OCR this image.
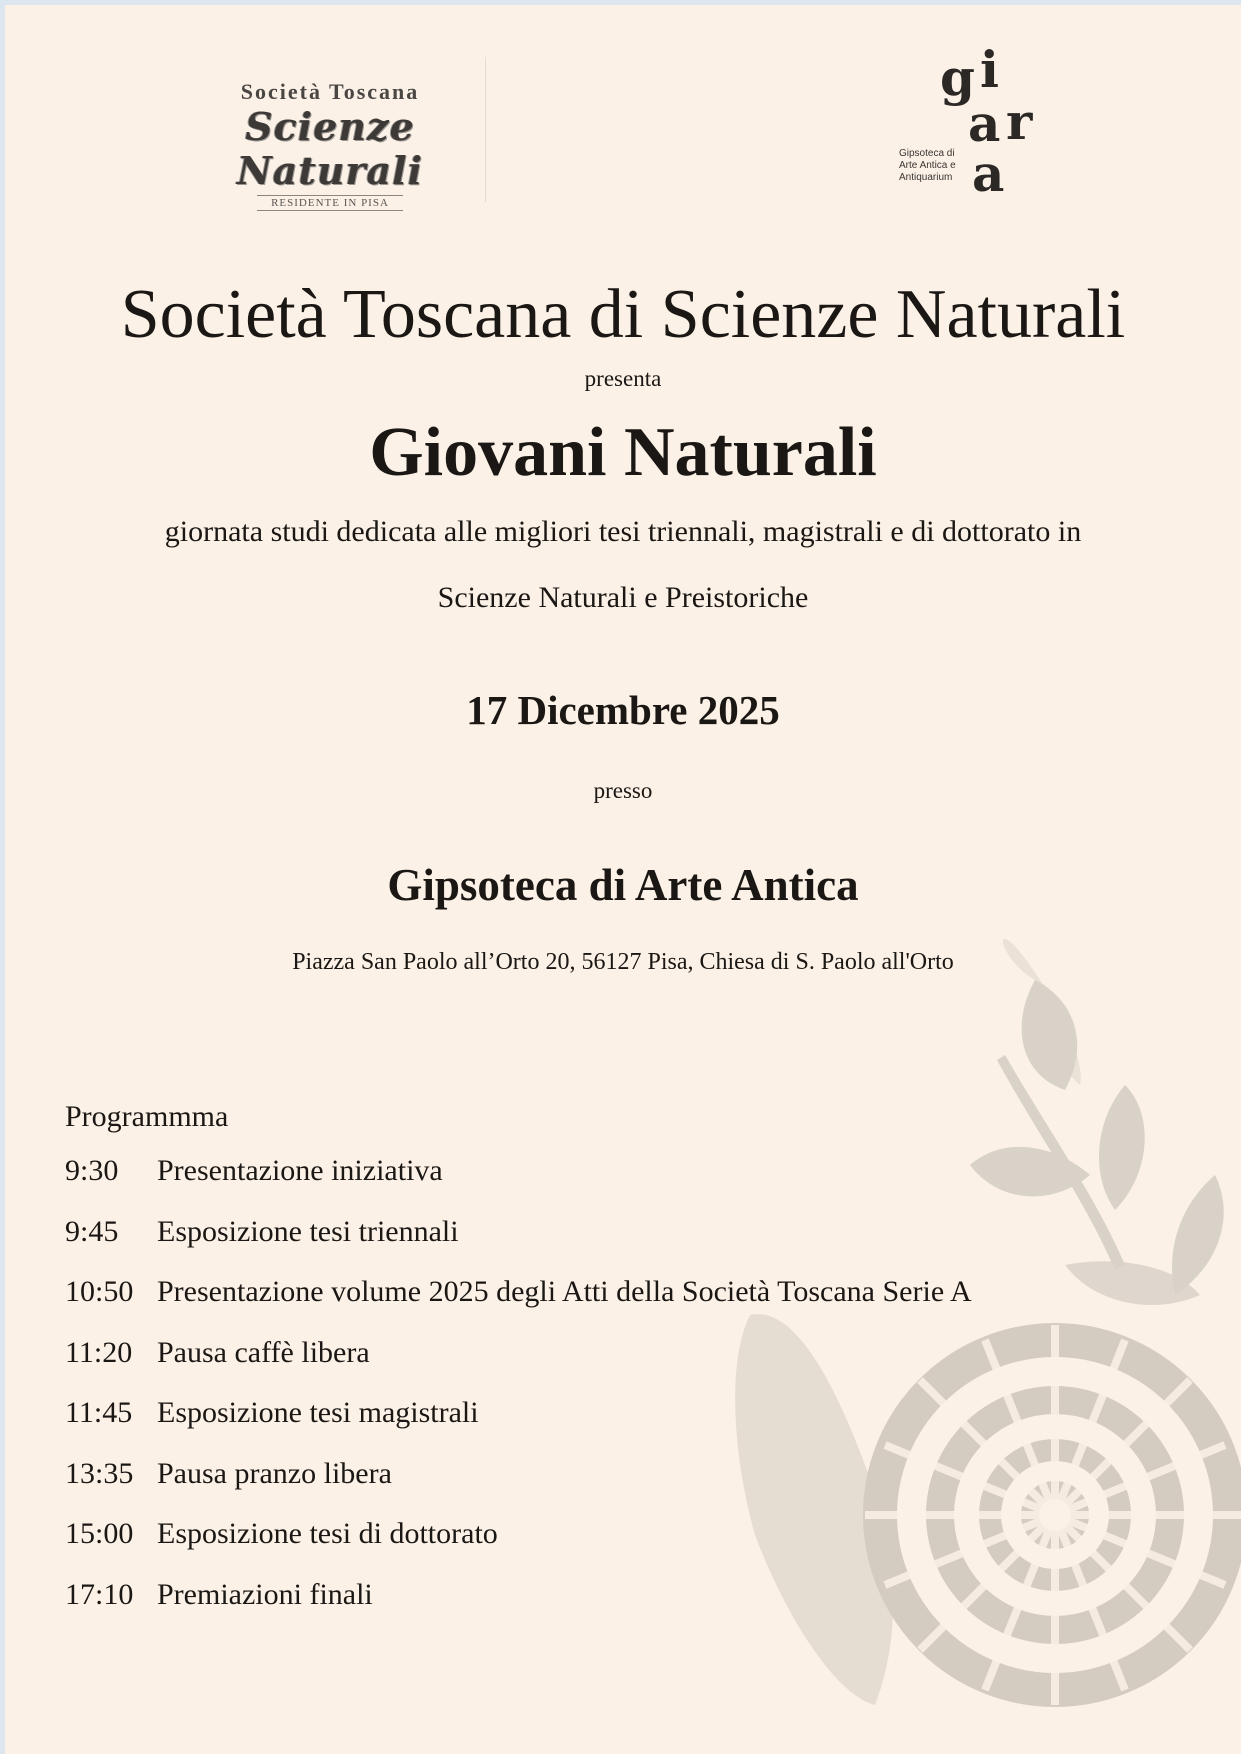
Società Toscana
Scienze Naturali
RESIDENTE IN PISA
g i
a r
a
Gipsoteca di
Arte Antica e
Antiquarium
Società Toscana di Scienze Naturali
presenta
Giovani Naturali
giornata studi dedicata alle migliori tesi triennali, magistrali e di dottorato in
Scienze Naturali e Preistoriche
17 Dicembre 2025
presso
Gipsoteca di Arte Antica
Piazza San Paolo all’Orto 20, 56127 Pisa, Chiesa di S. Paolo all'Orto
Programmma
9:30	Presentazione iniziativa
9:45	Esposizione tesi triennali
10:50 Presentazione volume 2025 degli Atti della Società Toscana Serie A
11:20 Pausa caffè libera
11:45 Esposizione tesi magistrali
13:35 Pausa pranzo libera
15:00 Esposizione tesi di dottorato
17:10 Premiazioni finali
